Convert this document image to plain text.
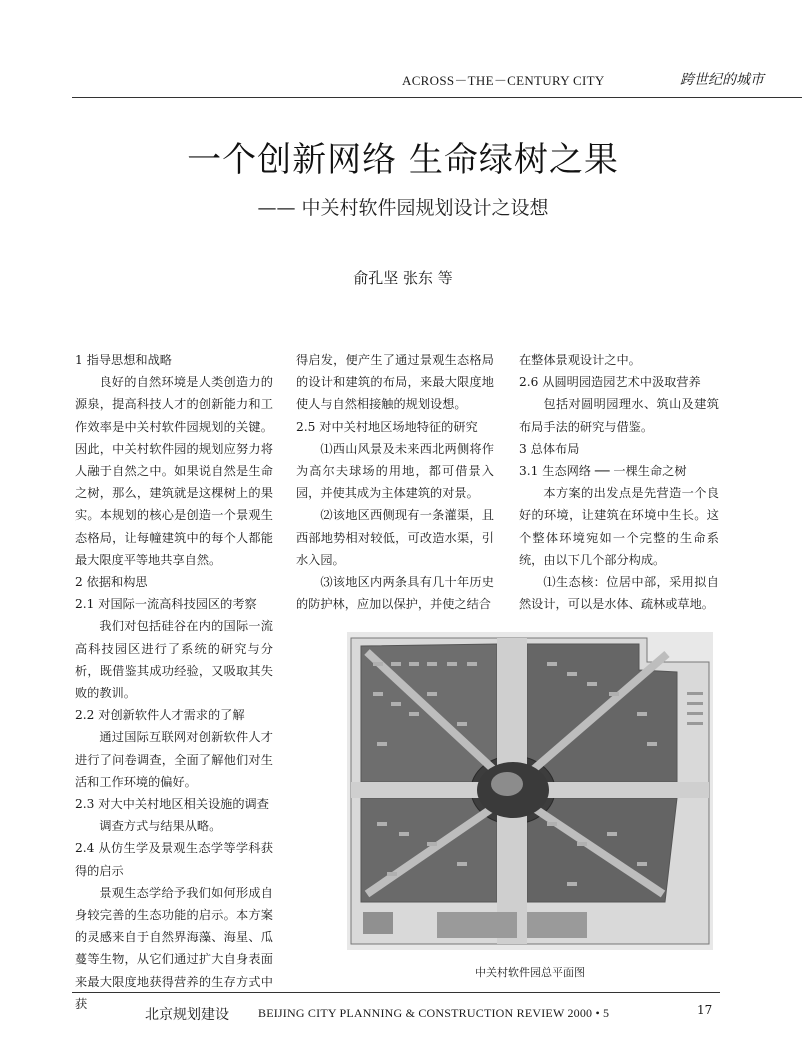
ACROSS－THE－CENTURY CITY	跨世纪的城市
一个创新网络 生命绿树之果
—— 中关村软件园规划设计之设想
俞孔坚 张东 等

1 指导思想和战略

良好的自然环境是人类创造力的源泉，提高科技人才的创新能力和工作效率是中关村软件园规划的关键。因此，中关村软件园的规划应努力将人融于自然之中。如果说自然是生命之树，那么，建筑就是这棵树上的果实。本规划的核心是创造一个景观生态格局，让每幢建筑中的每个人都能最大限度平等地共享自然。

2 依据和构思

2.1 对国际一流高科技园区的考察

我们对包括硅谷在内的国际一流高科技园区进行了系统的研究与分析，既借鉴其成功经验，又吸取其失败的教训。

2.2 对创新软件人才需求的了解

通过国际互联网对创新软件人才进行了问卷调查，全面了解他们对生活和工作环境的偏好。

2.3 对大中关村地区相关设施的调查

调查方式与结果从略。

2.4 从仿生学及景观生态学等学科获得的启示

景观生态学给予我们如何形成自身较完善的生态功能的启示。本方案的灵感来自于自然界海藻、海星、瓜蔓等生物，从它们通过扩大自身表面来最大限度地获得营养的生存方式中获

得启发，便产生了通过景观生态格局的设计和建筑的布局，来最大限度地使人与自然相接触的规划设想。

2.5 对中关村地区场地特征的研究

⑴西山风景及未来西北两侧将作为高尔夫球场的用地，都可借景入园，并使其成为主体建筑的对景。

⑵该地区西侧现有一条灌渠，且西部地势相对较低，可改造水渠，引水入园。

⑶该地区内两条具有几十年历史的防护林，应加以保护，并使之结合

在整体景观设计之中。

2.6 从圆明园造园艺术中汲取营养

包括对圆明园理水、筑山及建筑布局手法的研究与借鉴。

3 总体布局

3.1 生态网络 ── 一棵生命之树

本方案的出发点是先营造一个良好的环境，让建筑在环境中生长。这个整体环境宛如一个完整的生命系统，由以下几个部分构成。

⑴生态核：位居中部，采用拟自然设计，可以是水体、疏林或草地。

中关村软件园总平面图
北京规划建设 BEIJING CITY PLANNING & CONSTRUCTION REVIEW 2000 • 5	17
